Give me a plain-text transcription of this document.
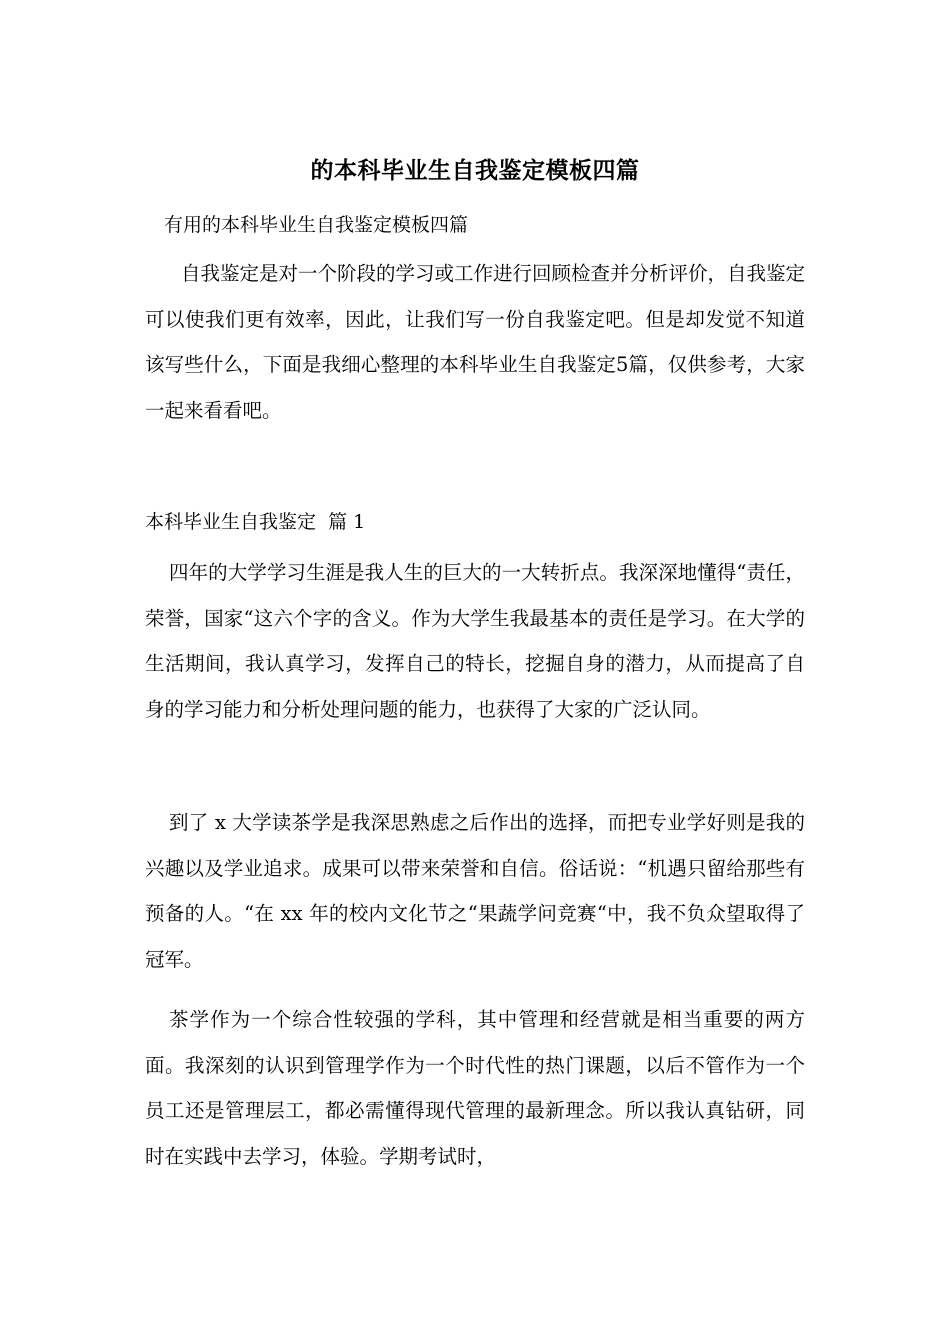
的本科毕业生自我鉴定模板四篇
有用的本科毕业生自我鉴定模板四篇

自我鉴定是对一个阶段的学习或工作进行回顾检查并分析评价，自我鉴定可以使我们更有效率，因此，让我们写一份自我鉴定吧。但是却发觉不知道该写些什么，下面是我细心整理的本科毕业生自我鉴定5篇，仅供参考，大家一起来看看吧。

本科毕业生自我鉴定  篇 1

四年的大学学习生涯是我人生的巨大的一大转折点。我深深地懂得“责任，荣誉，国家“这六个字的含义。作为大学生我最基本的责任是学习。在大学的生活期间，我认真学习，发挥自己的特长，挖掘自身的潜力，从而提高了自身的学习能力和分析处理问题的能力，也获得了大家的广泛认同。

到了 x 大学读茶学是我深思熟虑之后作出的选择，而把专业学好则是我的兴趣以及学业追求。成果可以带来荣誉和自信。俗话说：“机遇只留给那些有预备的人。“在 xx 年的校内文化节之“果蔬学问竞赛“中，我不负众望取得了冠军。

茶学作为一个综合性较强的学科，其中管理和经营就是相当重要的两方面。我深刻的认识到管理学作为一个时代性的热门课题，以后不管作为一个员工还是管理层工，都必需懂得现代管理的最新理念。所以我认真钻研，同时在实践中去学习，体验。学期考试时，
